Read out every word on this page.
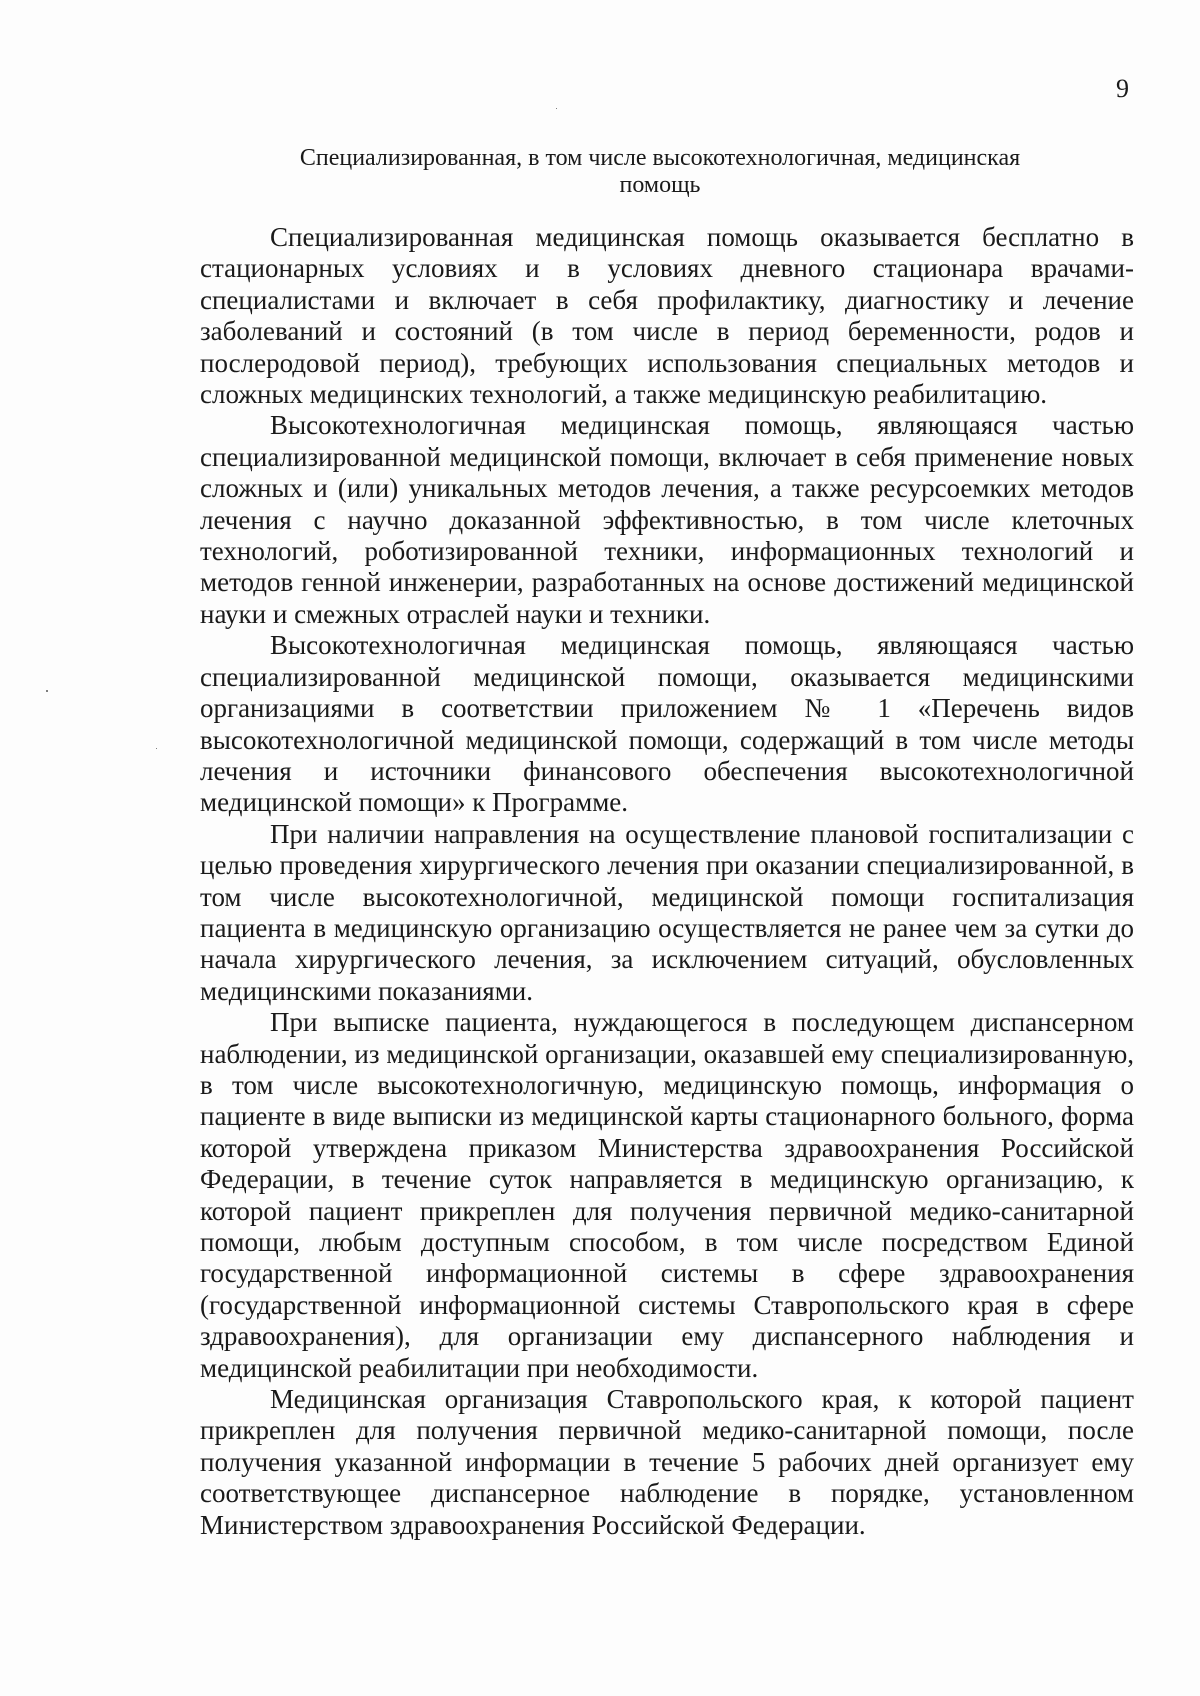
9
Специализированная, в том числе высокотехнологичная, медицинская
помощь

Специализированная медицинская помощь оказывается бесплатно в стационарных условиях и в условиях дневного стационара врачами-специалистами и включает в себя профилактику, диагностику и лечение заболеваний и состояний (в том числе в период беременности, родов и послеродовой период), требующих использования специальных методов и сложных медицинских технологий, а также медицинскую реабилитацию.

Высокотехнологичная медицинская помощь, являющаяся частью специализированной медицинской помощи, включает в себя применение новых сложных и (или) уникальных методов лечения, а также ресурсоемких методов лечения с научно доказанной эффективностью, в том числе клеточных технологий, роботизированной техники, информационных технологий и методов генной инженерии, разработанных на основе достижений медицинской науки и смежных отраслей науки и техники.

Высокотехнологичная медицинская помощь, являющаяся частью специализированной медицинской помощи, оказывается медицинскими организациями в соответствии приложением № 1 «Перечень видов высокотехнологичной медицинской помощи, содержащий в том числе методы лечения и источники финансового обеспечения высокотехнологичной медицинской помощи» к Программе.

При наличии направления на осуществление плановой госпитализации с целью проведения хирургического лечения при оказании специализированной, в том числе высокотехнологичной, медицинской помощи госпитализация пациента в медицинскую организацию осуществляется не ранее чем за сутки до начала хирургического лечения, за исключением ситуаций, обусловленных медицинскими показаниями.

При выписке пациента, нуждающегося в последующем диспансерном наблюдении, из медицинской организации, оказавшей ему специализированную, в том числе высокотехнологичную, медицинскую помощь, информация о пациенте в виде выписки из медицинской карты стационарного больного, форма которой утверждена приказом Министерства здравоохранения Российской Федерации, в течение суток направляется в медицинскую организацию, к которой пациент прикреплен для получения первичной медико-санитарной помощи, любым доступным способом, в том числе посредством Единой государственной информационной системы в сфере здравоохранения (государственной информационной системы Ставропольского края в сфере здравоохранения), для организации ему диспансерного наблюдения и медицинской реабилитации при необходимости.

Медицинская организация Ставропольского края, к которой пациент прикреплен для получения первичной медико-санитарной помощи, после получения указанной информации в течение 5 рабочих дней организует ему соответствующее диспансерное наблюдение в порядке, установленном Министерством здравоохранения Российской Федерации.
